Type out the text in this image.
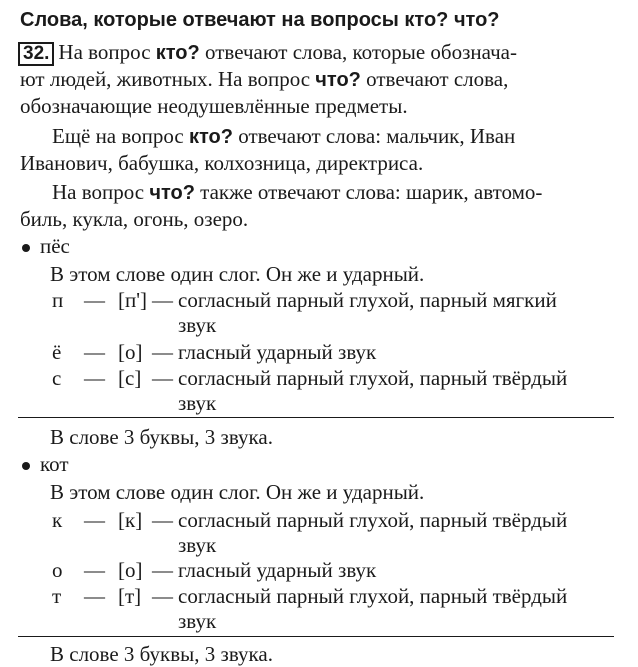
Слова, которые отвечают на вопросы кто? что?
32. На вопрос кто? отвечают слова, которые обознача-
ют людей, животных. На вопрос что? отвечают слова,
обозначающие неодушевлённые предметы.
Ещё на вопрос кто? отвечают слова: мальчик, Иван
Иванович, бабушка, колхозница, директриса.
На вопрос что? также отвечают слова: шарик, автомо-
биль, кукла, огонь, озеро.
пёс
В этом слове один слог. Он же и ударный.
п — [п'] — согласный парный глухой, парный мягкий
звук
ё — [о] — гласный ударный звук
с — [с] — согласный парный глухой, парный твёрдый
звук
В слове 3 буквы, 3 звука.
кот
В этом слове один слог. Он же и ударный.
к — [к] — согласный парный глухой, парный твёрдый
звук
о — [о] — гласный ударный звук
т — [т] — согласный парный глухой, парный твёрдый
звук
В слове 3 буквы, 3 звука.
